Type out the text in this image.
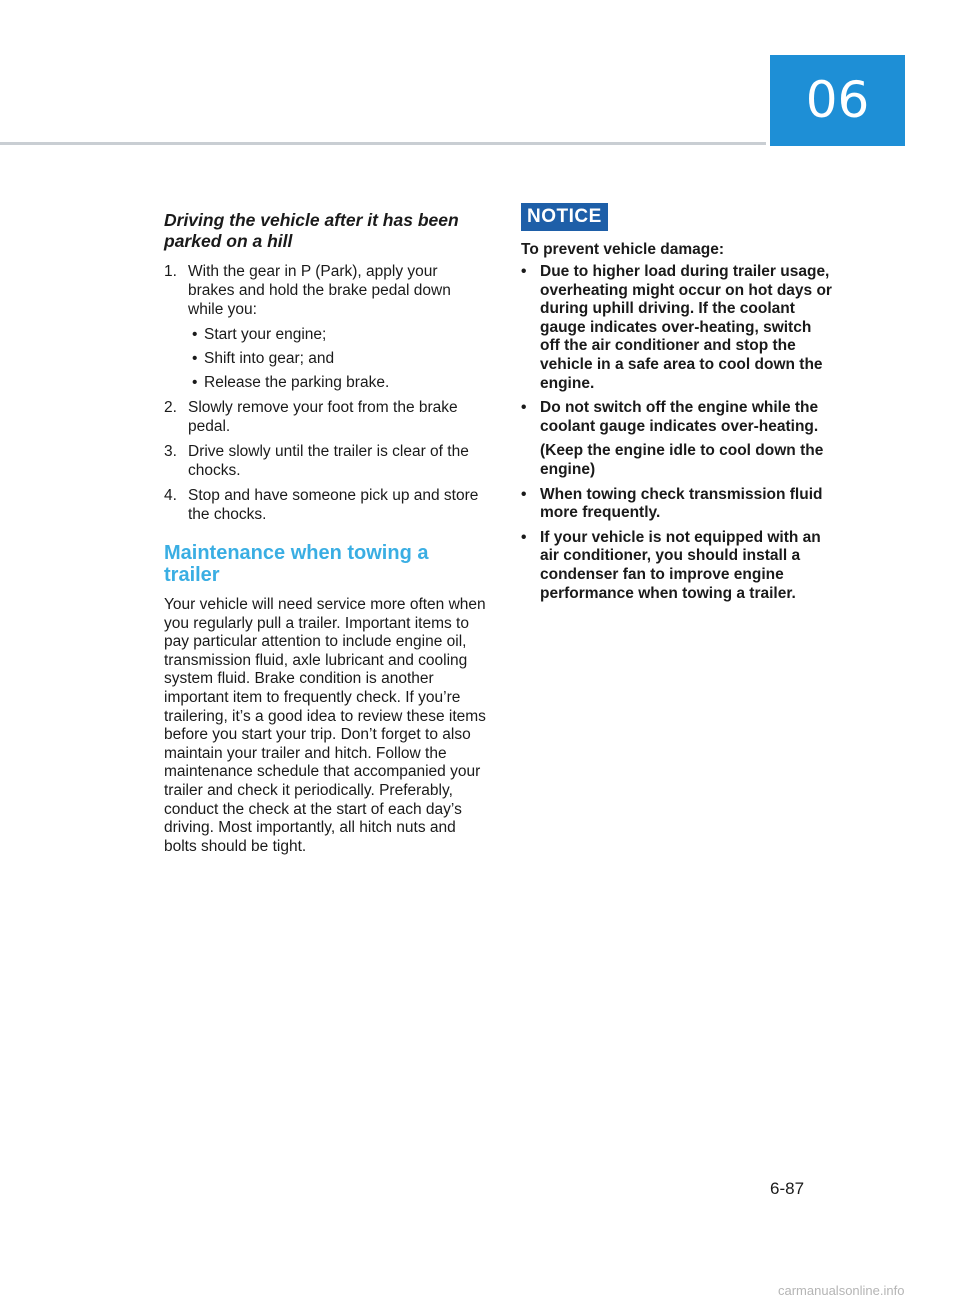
06

Driving the vehicle after it has been parked on a hill

1. With the gear in P (Park), apply your brakes and hold the brake pedal down while you:
• Start your engine;
• Shift into gear; and
• Release the parking brake.
2. Slowly remove your foot from the brake pedal.
3. Drive slowly until the trailer is clear of the chocks.
4. Stop and have someone pick up and store the chocks.

Maintenance when towing a trailer

Your vehicle will need service more often when you regularly pull a trailer. Important items to pay particular attention to include engine oil, transmission fluid, axle lubricant and cooling system fluid. Brake condition is another important item to frequently check. If you’re trailering, it’s a good idea to review these items before you start your trip. Don’t forget to also maintain your trailer and hitch. Follow the maintenance schedule that accompanied your trailer and check it periodically. Preferably, conduct the check at the start of each day’s driving. Most importantly, all hitch nuts and bolts should be tight.

NOTICE

To prevent vehicle damage:

• Due to higher load during trailer usage, overheating might occur on hot days or during uphill driving. If the coolant gauge indicates over-heating, switch off the air conditioner and stop the vehicle in a safe area to cool down the engine.
• Do not switch off the engine while the coolant gauge indicates over-heating.
(Keep the engine idle to cool down the engine)
• When towing check transmission fluid more frequently.
• If your vehicle is not equipped with an air conditioner, you should install a condenser fan to improve engine performance when towing a trailer.
6-87
carmanualsonline.info
